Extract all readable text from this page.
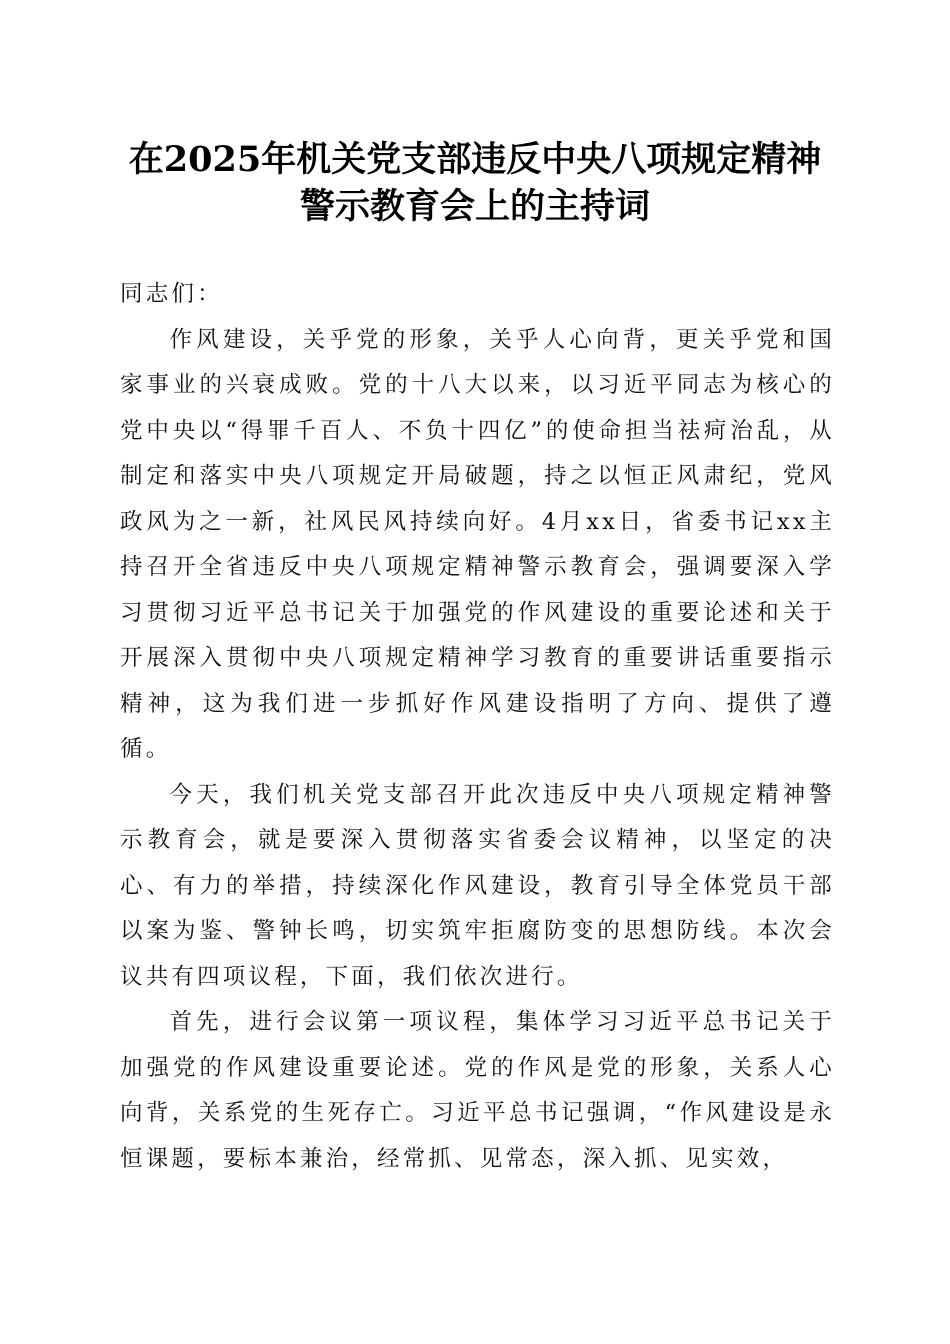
在2025年机关党支部违反中央八项规定精神
警示教育会上的主持词

同志们：

作风建设，关乎党的形象，关乎人心向背，更关乎党和国家事业的兴衰成败。党的十八大以来，以习近平同志为核心的党中央以“得罪千百人、不负十四亿”的使命担当祛疴治乱，从制定和落实中央八项规定开局破题，持之以恒正风肃纪，党风政风为之一新，社风民风持续向好。4月xx日，省委书记xx主持召开全省违反中央八项规定精神警示教育会，强调要深入学习贯彻习近平总书记关于加强党的作风建设的重要论述和关于开展深入贯彻中央八项规定精神学习教育的重要讲话重要指示精神，这为我们进一步抓好作风建设指明了方向、提供了遵循。

今天，我们机关党支部召开此次违反中央八项规定精神警示教育会，就是要深入贯彻落实省委会议精神，以坚定的决心、有力的举措，持续深化作风建设，教育引导全体党员干部以案为鉴、警钟长鸣，切实筑牢拒腐防变的思想防线。本次会议共有四项议程，下面，我们依次进行。

首先，进行会议第一项议程，集体学习习近平总书记关于加强党的作风建设重要论述。党的作风是党的形象，关系人心向背，关系党的生死存亡。习近平总书记强调，“作风建设是永恒课题，要标本兼治，经常抓、见常态，深入抓、见实效，
